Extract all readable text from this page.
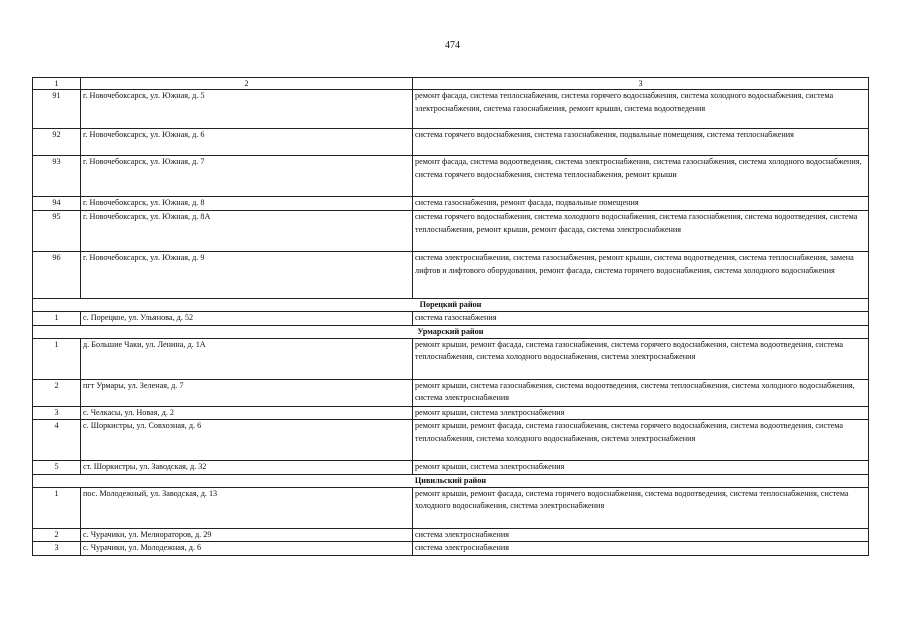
474
1	2	3
91	г. Новочебоксарск, ул. Южная, д. 5	ремонт фасада, система теплоснабжения, система горячего водоснабжения, система холодного водоснабжения, система электроснабжения, система газоснабжения, ремонт крыши, система водоотведения
92	г. Новочебоксарск, ул. Южная, д. 6	система горячего водоснабжения, система газоснабжения, подвальные помещения, система теплоснабжения
93	г. Новочебоксарск, ул. Южная, д. 7	ремонт фасада, система водоотведения, система электроснабжения, система газоснабжения, система холодного водоснабжения, система горячего водоснабжения, система теплоснабжения, ремонт крыши
94	г. Новочебоксарск, ул. Южная, д. 8	система газоснабжения, ремонт фасада, подвальные помещения
95	г. Новочебоксарск, ул. Южная, д. 8А	система горячего водоснабжения, система холодного водоснабжения, система газоснабжения, система водоотведения, система теплоснабжения, ремонт крыши, ремонт фасада, система электроснабжения
96	г. Новочебоксарск, ул. Южная, д. 9	система электроснабжения, система газоснабжения, ремонт крыши, система водоотведения, система теплоснабжения, замена лифтов и лифтового оборудования, ремонт фасада, система горячего водоснабжения, система холодного водоснабжения
Порецкий район		
1	с. Порецкое, ул. Ульянова, д. 52	система газоснабжения
Урмарский район		
1	д. Большие Чаки, ул. Ленина, д. 1А	ремонт крыши, ремонт фасада, система газоснабжения, система горячего водоснабжения, система водоотведения, система теплоснабжения, система холодного водоснабжения, система электроснабжения
2	пгт Урмары, ул. Зеленая, д. 7	ремонт крыши, система газоснабжения, система водоотведения, система теплоснабжения, система холодного водоснабжения, система электроснабжения
3	с. Челкасы, ул. Новая, д. 2	ремонт крыши, система электроснабжения
4	с. Шоркистры, ул. Совхозная, д. 6	ремонт крыши, ремонт фасада, система газоснабжения, система горячего водоснабжения, система водоотведения, система теплоснабжения, система холодного водоснабжения, система электроснабжения
5	ст. Шоркистры, ул. Заводская, д. 32	ремонт крыши, система электроснабжения
Цивильский район		
1	пос. Молодежный, ул. Заводская, д. 13	ремонт крыши, ремонт фасада, система горячего водоснабжения, система водоотведения, система теплоснабжения, система холодного водоснабжения, система электроснабжения
2	с. Чурачики, ул. Мелиораторов, д. 29	система электроснабжения
3	с. Чурачики, ул. Молодежная, д. 6	система электроснабжения
